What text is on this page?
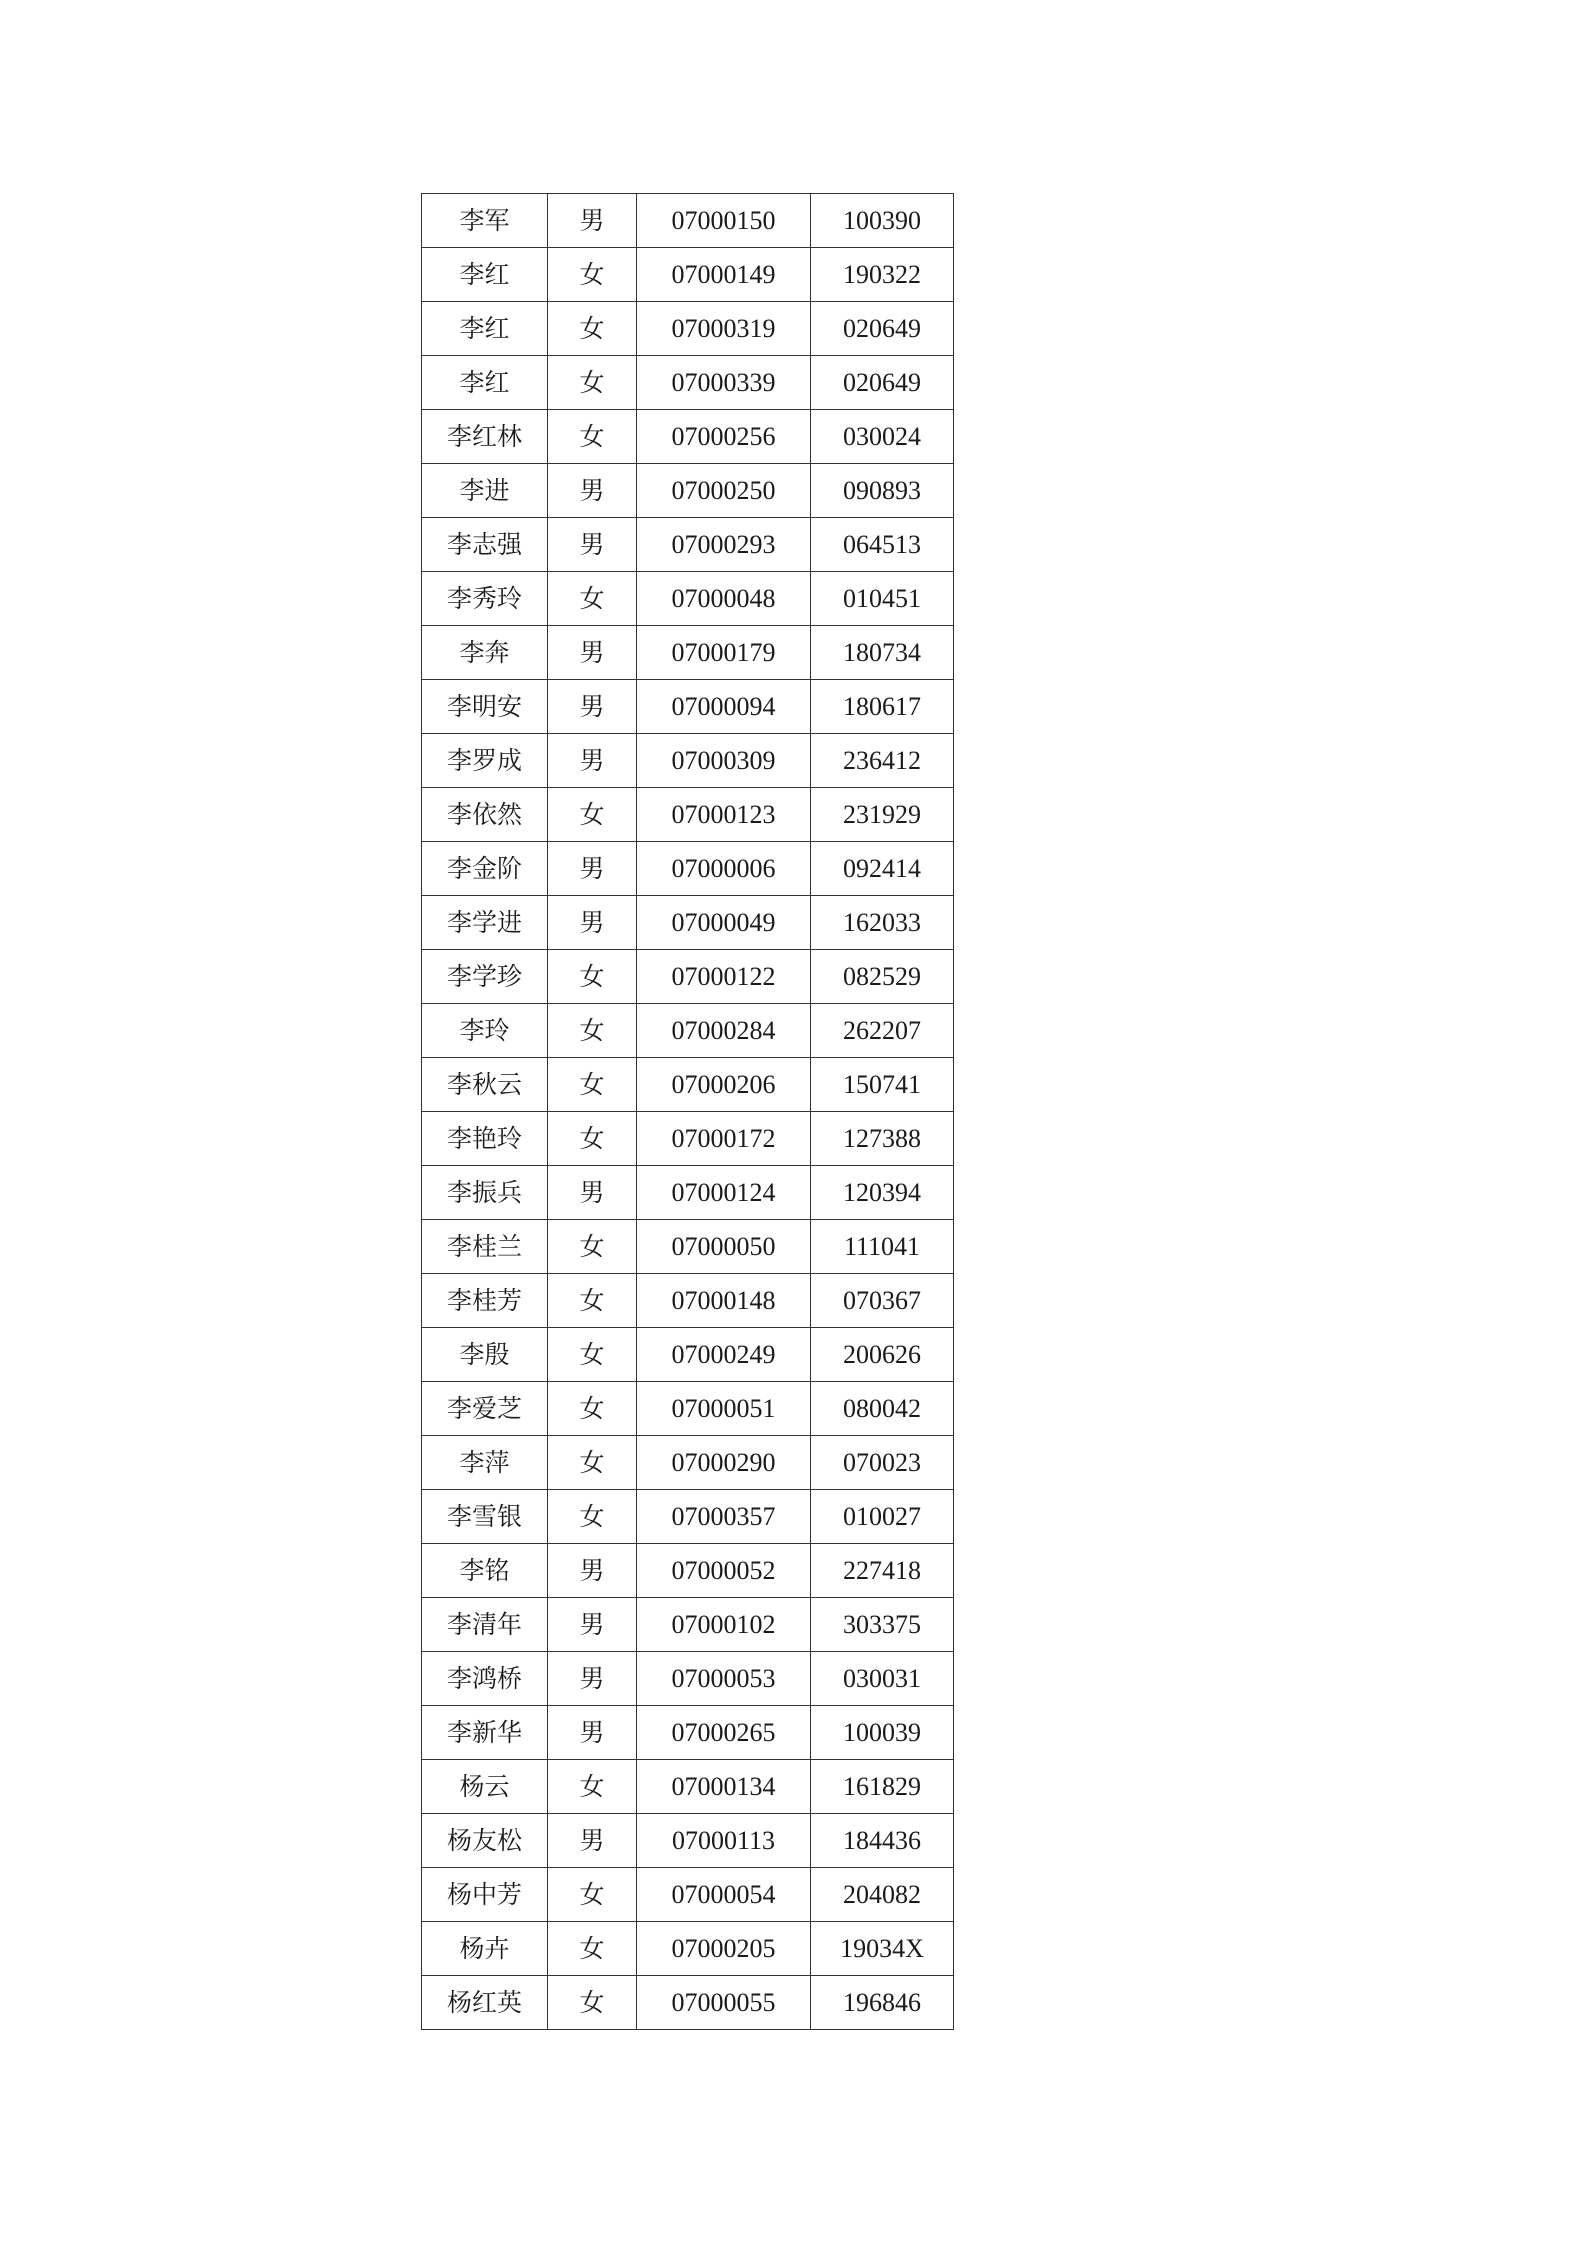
李军	男	07000150	100390
李红	女	07000149	190322
李红	女	07000319	020649
李红	女	07000339	020649
李红林	女	07000256	030024
李进	男	07000250	090893
李志强	男	07000293	064513
李秀玲	女	07000048	010451
李奔	男	07000179	180734
李明安	男	07000094	180617
李罗成	男	07000309	236412
李依然	女	07000123	231929
李金阶	男	07000006	092414
李学进	男	07000049	162033
李学珍	女	07000122	082529
李玲	女	07000284	262207
李秋云	女	07000206	150741
李艳玲	女	07000172	127388
李振兵	男	07000124	120394
李桂兰	女	07000050	111041
李桂芳	女	07000148	070367
李殷	女	07000249	200626
李爱芝	女	07000051	080042
李萍	女	07000290	070023
李雪银	女	07000357	010027
李铭	男	07000052	227418
李清年	男	07000102	303375
李鸿桥	男	07000053	030031
李新华	男	07000265	100039
杨云	女	07000134	161829
杨友松	男	07000113	184436
杨中芳	女	07000054	204082
杨卉	女	07000205	19034X
杨红英	女	07000055	196846
